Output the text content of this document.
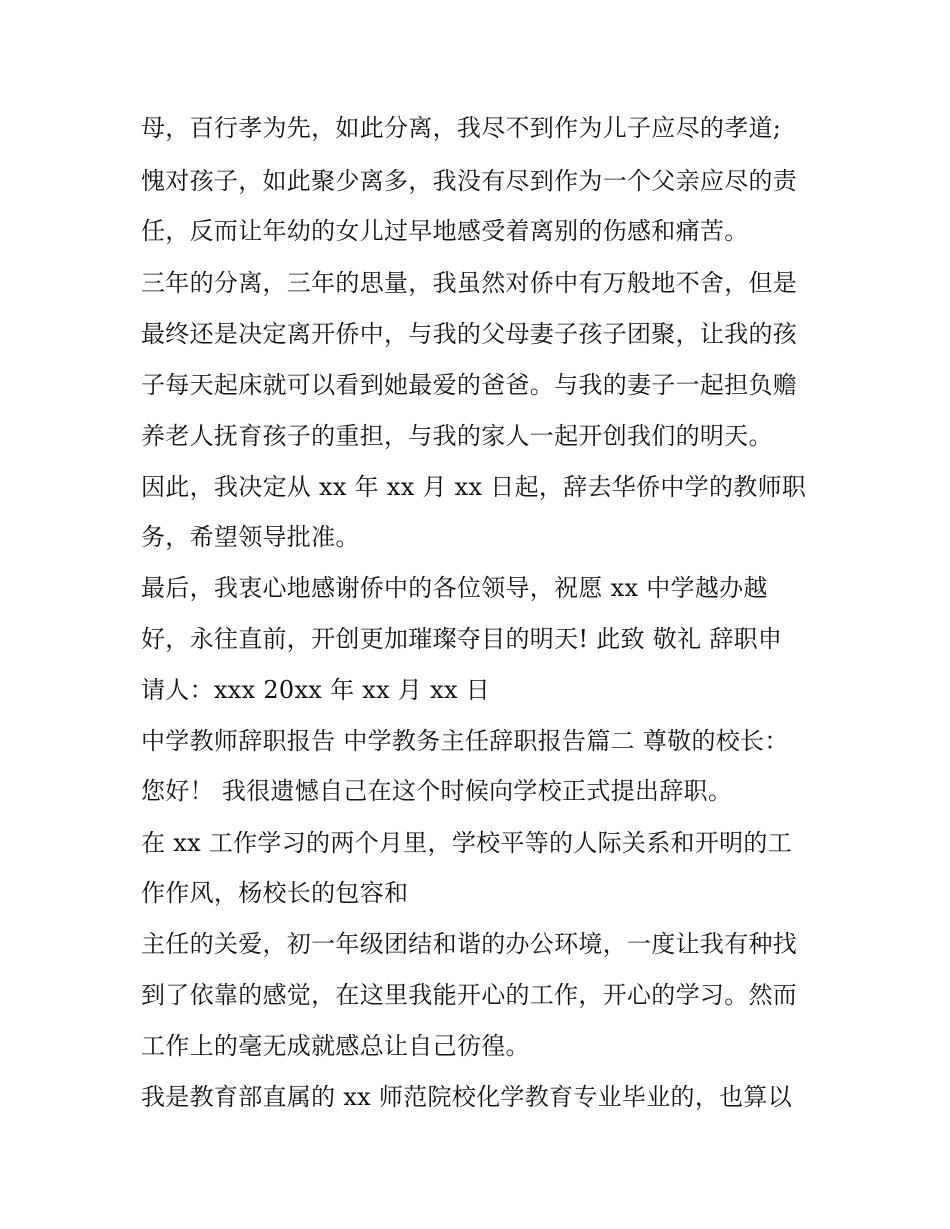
母，百行孝为先，如此分离，我尽不到作为儿子应尽的孝道;
愧对孩子，如此聚少离多，我没有尽到作为一个父亲应尽的责
任，反而让年幼的女儿过早地感受着离别的伤感和痛苦。
三年的分离，三年的思量，我虽然对侨中有万般地不舍，但是
最终还是决定离开侨中，与我的父母妻子孩子团聚，让我的孩
子每天起床就可以看到她最爱的爸爸。与我的妻子一起担负赡
养老人抚育孩子的重担，与我的家人一起开创我们的明天。
因此，我决定从 xx 年 xx 月 xx 日起，辞去华侨中学的教师职
务，希望领导批准。
最后，我衷心地感谢侨中的各位领导，祝愿 xx 中学越办越
好，永往直前，开创更加璀璨夺目的明天! 此致 敬礼 辞职申
请人：xxx 20xx 年 xx 月 xx 日
中学教师辞职报告 中学教务主任辞职报告篇二 尊敬的校长：
您好！ 我很遗憾自己在这个时候向学校正式提出辞职。
在 xx 工作学习的两个月里，学校平等的人际关系和开明的工
作作风，杨校长的包容和
主任的关爱，初一年级团结和谐的办公环境，一度让我有种找
到了依靠的感觉，在这里我能开心的工作，开心的学习。然而
工作上的毫无成就感总让自己彷徨。
我是教育部直属的 xx 师范院校化学教育专业毕业的，也算以
